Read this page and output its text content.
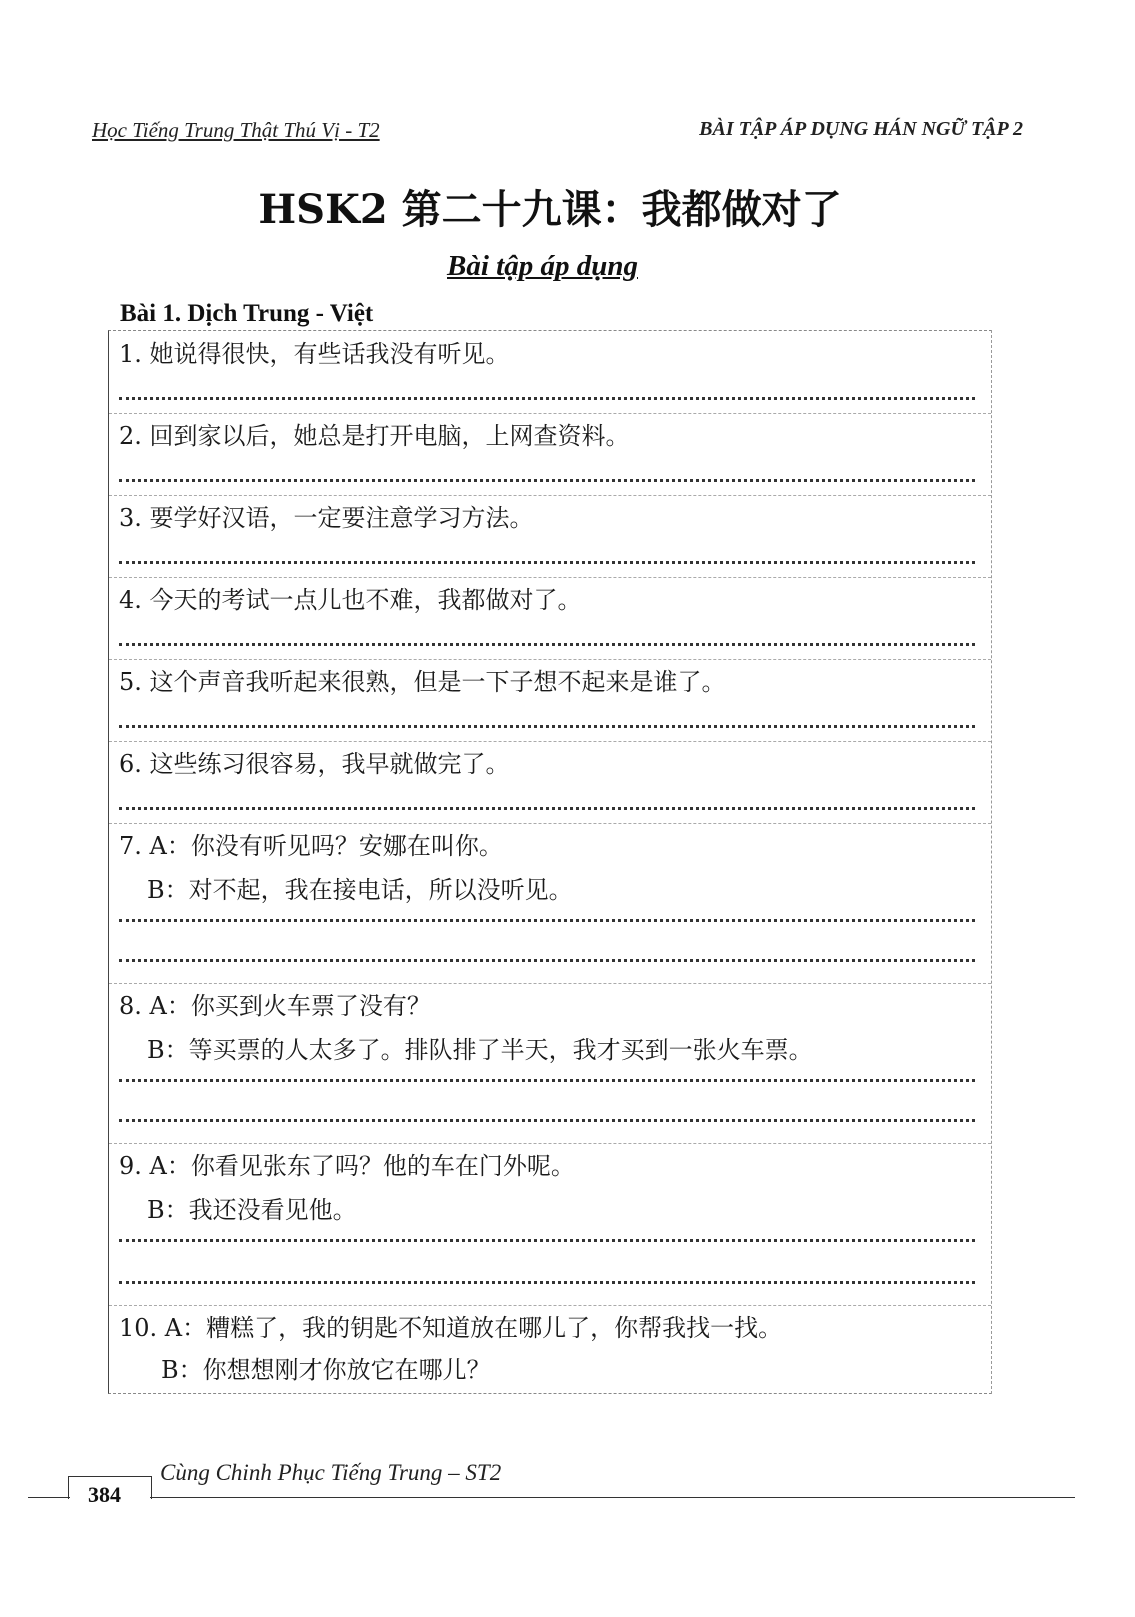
Học Tiếng Trung Thật Thú Vị - T2	BÀI TẬP ÁP DỤNG HÁN NGỮ TẬP 2
HSK2 第二十九课：我都做对了
Bài tập áp dụng
Bài 1. Dịch Trung - Việt
1. 她说得很快，有些话我没有听见。
2. 回到家以后，她总是打开电脑，上网查资料。
3. 要学好汉语，一定要注意学习方法。
4. 今天的考试一点儿也不难，我都做对了。
5. 这个声音我听起来很熟，但是一下子想不起来是谁了。
6. 这些练习很容易，我早就做完了。
7. A：你没有听见吗？安娜在叫你。
B：对不起，我在接电话，所以没听见。
8. A：你买到火车票了没有？
B：等买票的人太多了。排队排了半天，我才买到一张火车票。
9. A：你看见张东了吗？他的车在门外呢。
B：我还没看见他。
10. A：糟糕了，我的钥匙不知道放在哪儿了，你帮我找一找。
B：你想想刚才你放它在哪儿？
Cùng Chinh Phục Tiếng Trung – ST2
384
